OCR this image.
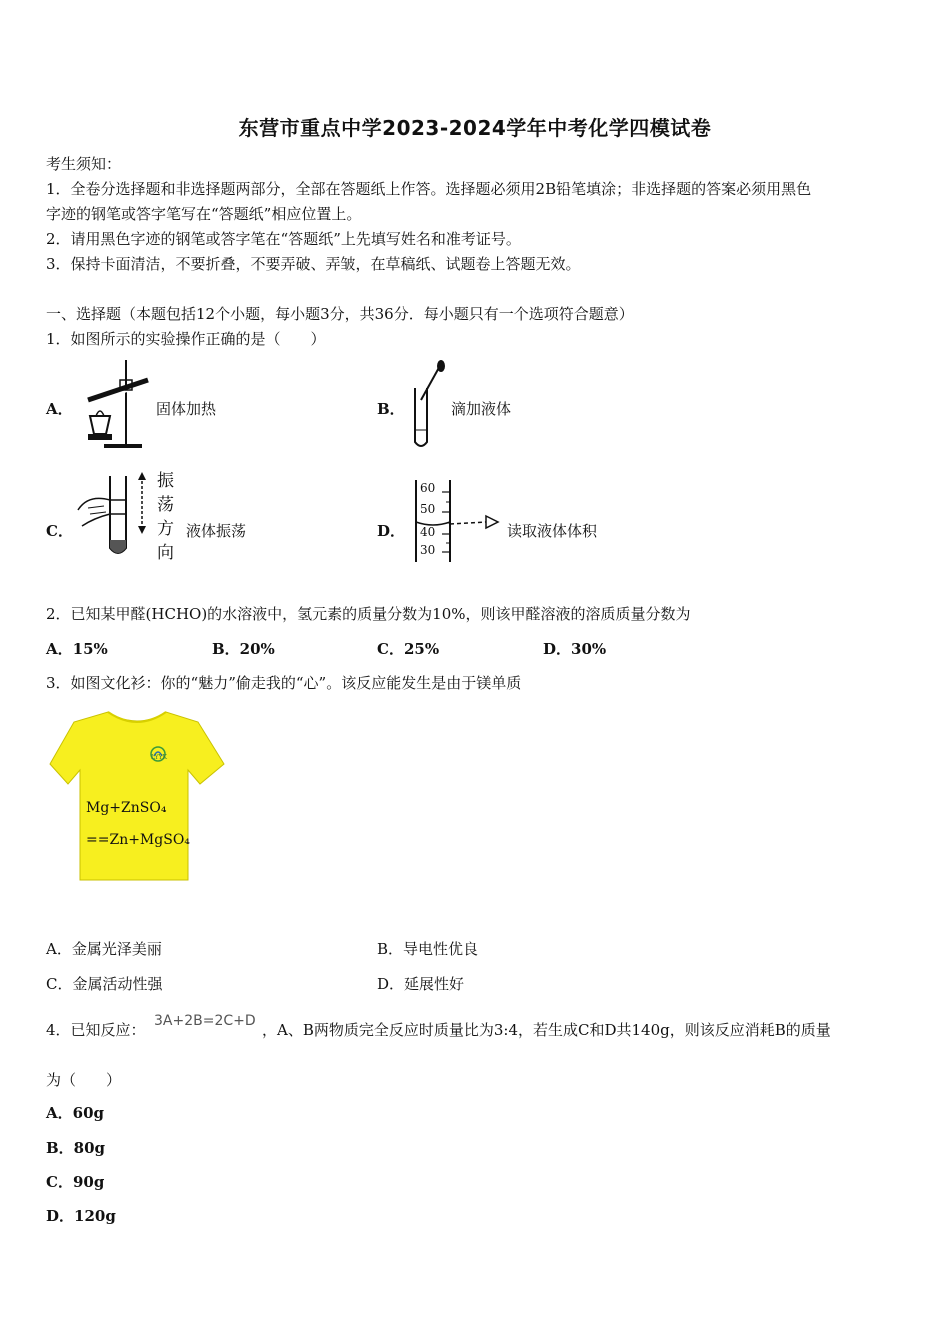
东营市重点中学2023-2024学年中考化学四模试卷
考生须知：
1．全卷分选择题和非选择题两部分，全部在答题纸上作答。选择题必须用2B铅笔填涂；非选择题的答案必须用黑色
字迹的钢笔或答字笔写在“答题纸”相应位置上。
2．请用黑色字迹的钢笔或答字笔在“答题纸”上先填写姓名和准考证号。
3．保持卡面清洁，不要折叠，不要弄破、弄皱，在草稿纸、试题卷上答题无效。
一、选择题（本题包括12个小题，每小题3分，共36分．每小题只有一个选项符合题意）
1．如图所示的实验操作正确的是（　　）
A．	固体加热	B．	滴加液体
C．
振
荡
方
向
液体振荡	D．
60
50
40
30
读取液体体积
2．已知某甲醛(HCHO)的水溶液中，氢元素的质量分数为10%，则该甲醛溶液的溶质质量分数为
A．15%	B．20%	C．25%	D．30%
3．如图文化衫：你的“魅力”偷走我的“心”。该反应能发生是由于镁单质
LYYK
Mg+ZnSO₄
==Zn+MgSO₄
A．金属光泽美丽	B．导电性优良
C．金属活动性强	D．延展性好
4．已知反应： 3A+2B=2C+D ，A、B两物质完全反应时质量比为3:4，若生成C和D共140g，则该反应消耗B的质量
为（　　）
A．60g
B．80g
C．90g
D．120g
